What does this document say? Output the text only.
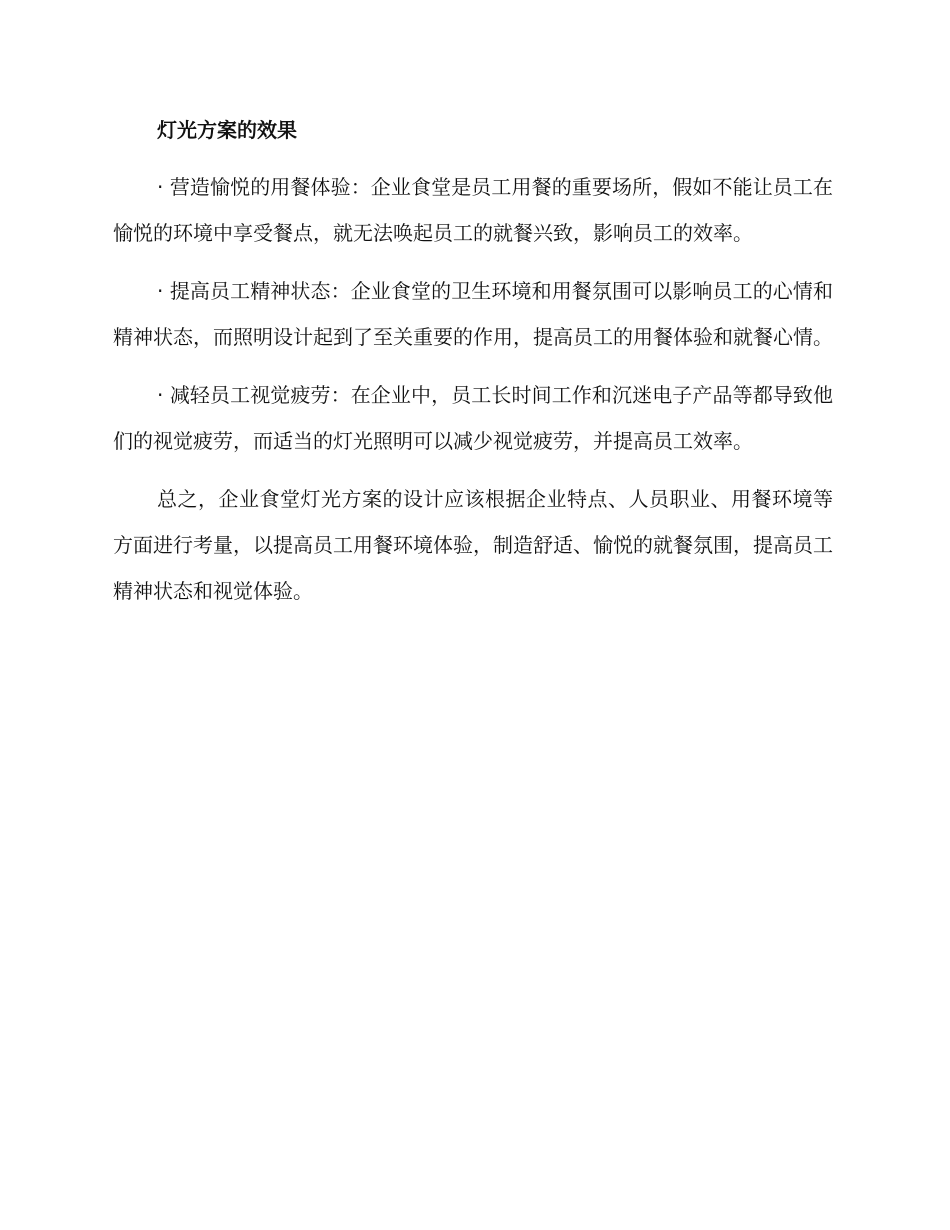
灯光方案的效果

· 营造愉悦的用餐体验：企业食堂是员工用餐的重要场所，假如不能让员工在愉悦的环境中享受餐点，就无法唤起员工的就餐兴致，影响员工的效率。

· 提高员工精神状态：企业食堂的卫生环境和用餐氛围可以影响员工的心情和精神状态，而照明设计起到了至关重要的作用，提高员工的用餐体验和就餐心情。

· 减轻员工视觉疲劳：在企业中，员工长时间工作和沉迷电子产品等都导致他们的视觉疲劳，而适当的灯光照明可以减少视觉疲劳，并提高员工效率。

总之，企业食堂灯光方案的设计应该根据企业特点、人员职业、用餐环境等方面进行考量，以提高员工用餐环境体验，制造舒适、愉悦的就餐氛围，提高员工精神状态和视觉体验。
